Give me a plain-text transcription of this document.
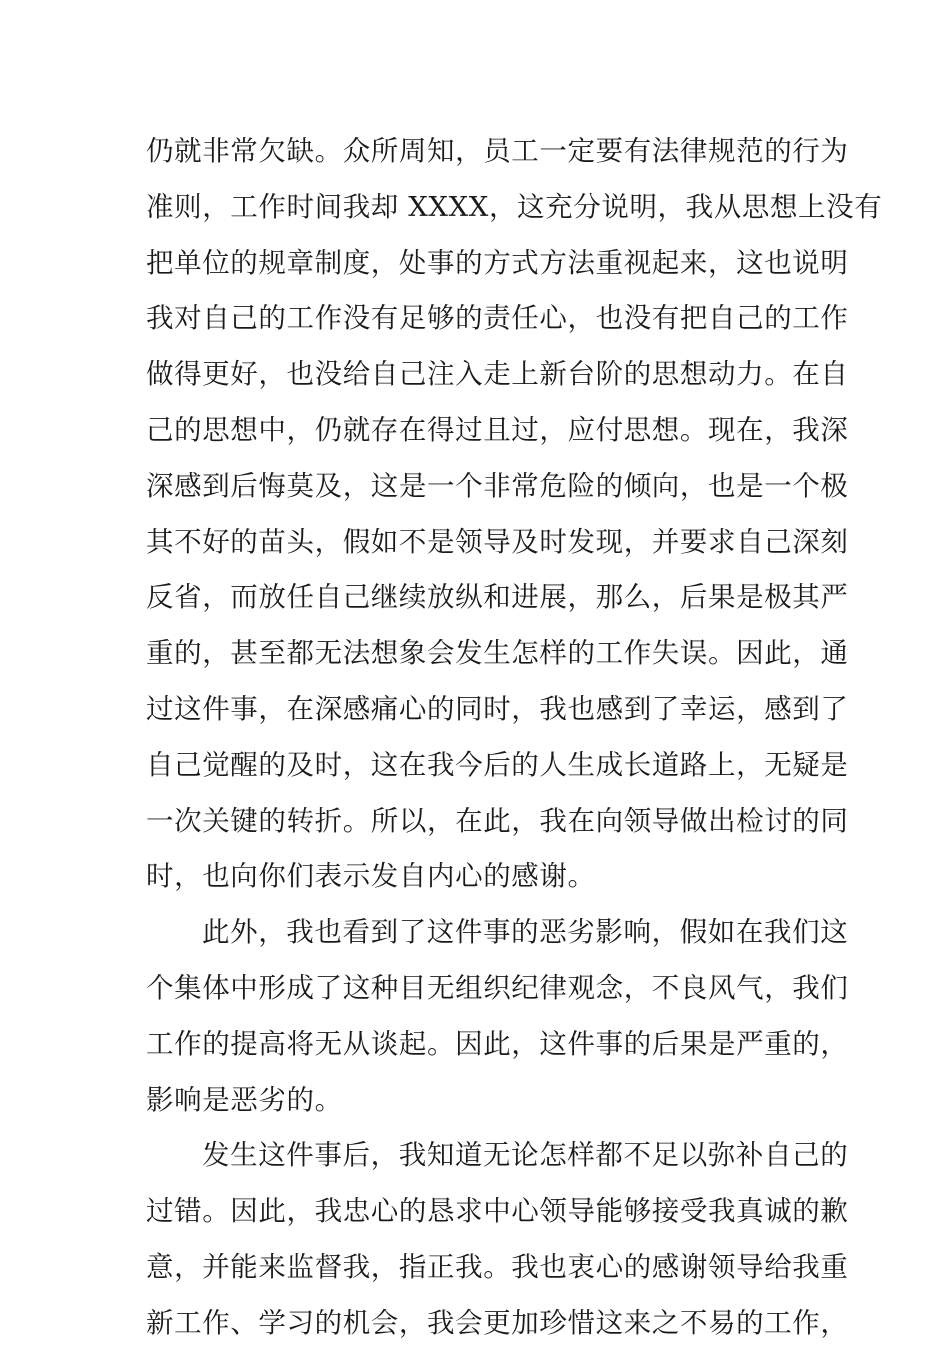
仍就非常欠缺。众所周知，员工一定要有法律规范的行为
准则，工作时间我却 XXXX，这充分说明，我从思想上没有
把单位的规章制度，处事的方式方法重视起来，这也说明
我对自己的工作没有足够的责任心，也没有把自己的工作
做得更好，也没给自己注入走上新台阶的思想动力。在自
己的思想中，仍就存在得过且过，应付思想。现在，我深
深感到后悔莫及，这是一个非常危险的倾向，也是一个极
其不好的苗头，假如不是领导及时发现，并要求自己深刻
反省，而放任自己继续放纵和进展，那么，后果是极其严
重的，甚至都无法想象会发生怎样的工作失误。因此，通
过这件事，在深感痛心的同时，我也感到了幸运，感到了
自己觉醒的及时，这在我今后的人生成长道路上，无疑是
一次关键的转折。所以，在此，我在向领导做出检讨的同
时，也向你们表示发自内心的感谢。
此外，我也看到了这件事的恶劣影响，假如在我们这
个集体中形成了这种目无组织纪律观念，不良风气，我们
工作的提高将无从谈起。因此，这件事的后果是严重的，
影响是恶劣的。
发生这件事后，我知道无论怎样都不足以弥补自己的
过错。因此，我忠心的恳求中心领导能够接受我真诚的歉
意，并能来监督我，指正我。我也衷心的感谢领导给我重
新工作、学习的机会，我会更加珍惜这来之不易的工作，
